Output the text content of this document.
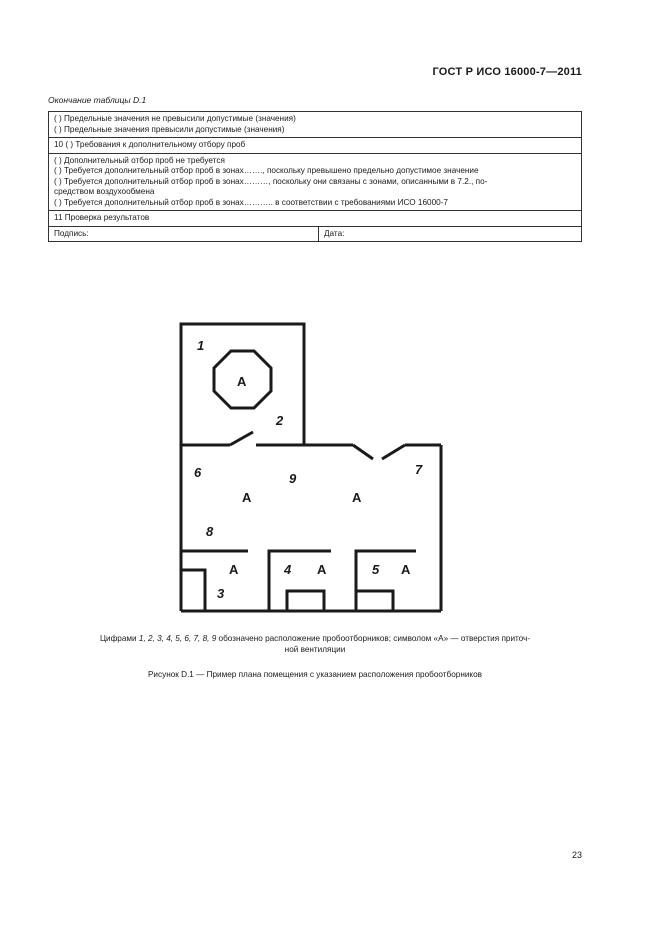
ГОСТ Р ИСО 16000-7—2011
Окончание таблицы D.1
( ) Предельные значения не превысили допустимые (значения)
( ) Предельные значения превысили допустимые (значения)

10 ( ) Требования к дополнительному отбору проб

( ) Дополнительный отбор проб не требуется
( ) Требуется дополнительный отбор проб в зонах……., поскольку превышено предельно допустимое значение
( ) Требуется дополнительный отбор проб в зонах………, поскольку они связаны с зонами, описанными в 7.2., по-
средством воздухообмена
( ) Требуется дополнительный отбор проб в зонах……….. в соответствии с требованиями ИСО 16000-7

11 Проверка результатов
Подпись:	Дата:
1
2
3
4	5
6	7
8
9
A
A	A
A	A	A
Цифрами 1, 2, 3, 4, 5, 6, 7, 8, 9 обозначено расположение пробоотборников; символом «А» — отверстия приточ-
ной вентиляции
Рисунок D.1 — Пример плана помещения с указанием расположения пробоотборников
23
